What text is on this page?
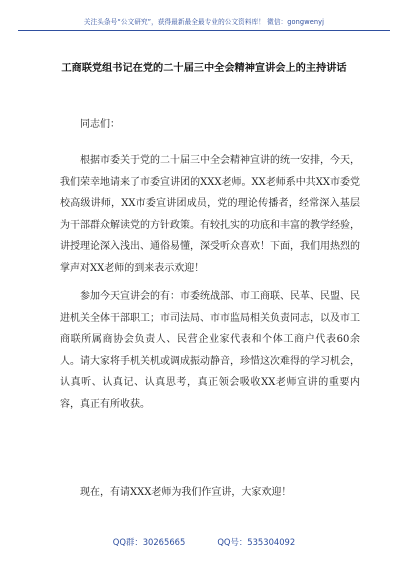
关注头条号“公文研究”，获得最新最全最专业的公文资料库！ 微信：gongwenyj
工商联党组书记在党的二十届三中全会精神宣讲会上的主持讲话

同志们：

根据市委关于党的二十届三中全会精神宣讲的统一安排，今天，我们荣幸地请来了市委宣讲团的XXX老师。XX老师系中共XX市委党校高级讲师，XX市委宣讲团成员，党的理论传播者，经常深入基层为干部群众解读党的方针政策。有较扎实的功底和丰富的教学经验，讲授理论深入浅出、通俗易懂，深受听众喜欢！下面，我们用热烈的掌声对XX老师的到来表示欢迎！

参加今天宣讲会的有：市委统战部、市工商联、民革、民盟、民进机关全体干部职工；市司法局、市市监局相关负责同志，以及市工商联所属商协会负责人、民营企业家代表和个体工商户代表60余人。请大家将手机关机或调成振动静音，珍惜这次难得的学习机会，认真听、认真记、认真思考，真正领会吸收XX老师宣讲的重要内容，真正有所收获。

现在，有请XXX老师为我们作宣讲，大家欢迎！

QQ群：30265665	QQ号：535304092
